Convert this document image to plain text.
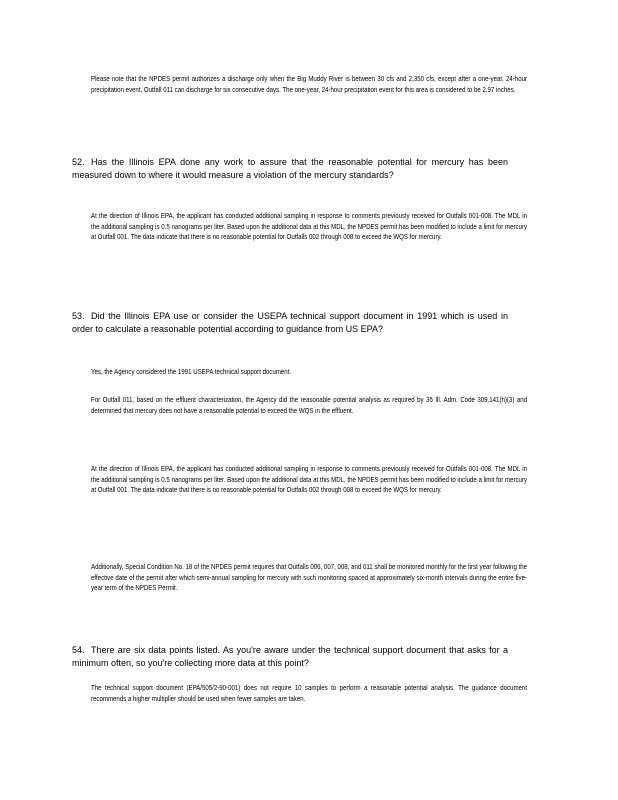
Please note that the NPDES permit authorizes a discharge only when the Big Muddy River is between 30 cfs and 2,350 cfs, except after a one-year, 24-hour precipitation event, Outfall 011 can discharge for six consecutive days. The one-year, 24-hour precipitation event for this area is considered to be 2.97 inches.

52. Has the Illinois EPA done any work to assure that the reasonable potential for mercury has been measured down to where it would measure a violation of the mercury standards?

At the direction of Illinois EPA, the applicant has conducted additional sampling in response to comments previously received for Outfalls 001-008. The MDL in the additional sampling is 0.5 nanograms per liter. Based upon the additional data at this MDL, the NPDES permit has been modified to include a limit for mercury at Outfall 001. The data indicate that there is no reasonable potential for Outfalls 002 through 008 to exceed the WQS for mercury.

53. Did the Illinois EPA use or consider the USEPA technical support document in 1991 which is used in order to calculate a reasonable potential according to guidance from US EPA?

Yes, the Agency considered the 1991 USEPA technical support document.

For Outfall 011, based on the effluent characterization, the Agency did the reasonable potential analysis as required by 35 Ill. Adm. Code 309.141(h)(3) and determined that mercury does not have a reasonable potential to exceed the WQS in the effluent.

At the direction of Illinois EPA, the applicant has conducted additional sampling in response to comments previously received for Outfalls 001-008. The MDL in the additional sampling is 0.5 nanograms per liter. Based upon the additional data at this MDL, the NPDES permit has been modified to include a limit for mercury at Outfall 001. The data indicate that there is no reasonable potential for Outfalls 002 through 008 to exceed the WQS for mercury.

Additionally, Special Condition No. 18 of the NPDES permit requires that Outfalls 006, 007, 008, and 011 shall be monitored monthly for the first year following the effective date of the permit after which semi-annual sampling for mercury with such monitoring spaced at approximately six-month intervals during the entire five-year term of the NPDES Permit.

54. There are six data points listed. As you're aware under the technical support document that asks for a minimum often, so you're collecting more data at this point?

The technical support document (EPA/505/2-90-001) does not require 10 samples to perform a reasonable potential analysis. The guidance document recommends a higher multiplier should be used when fewer samples are taken.
